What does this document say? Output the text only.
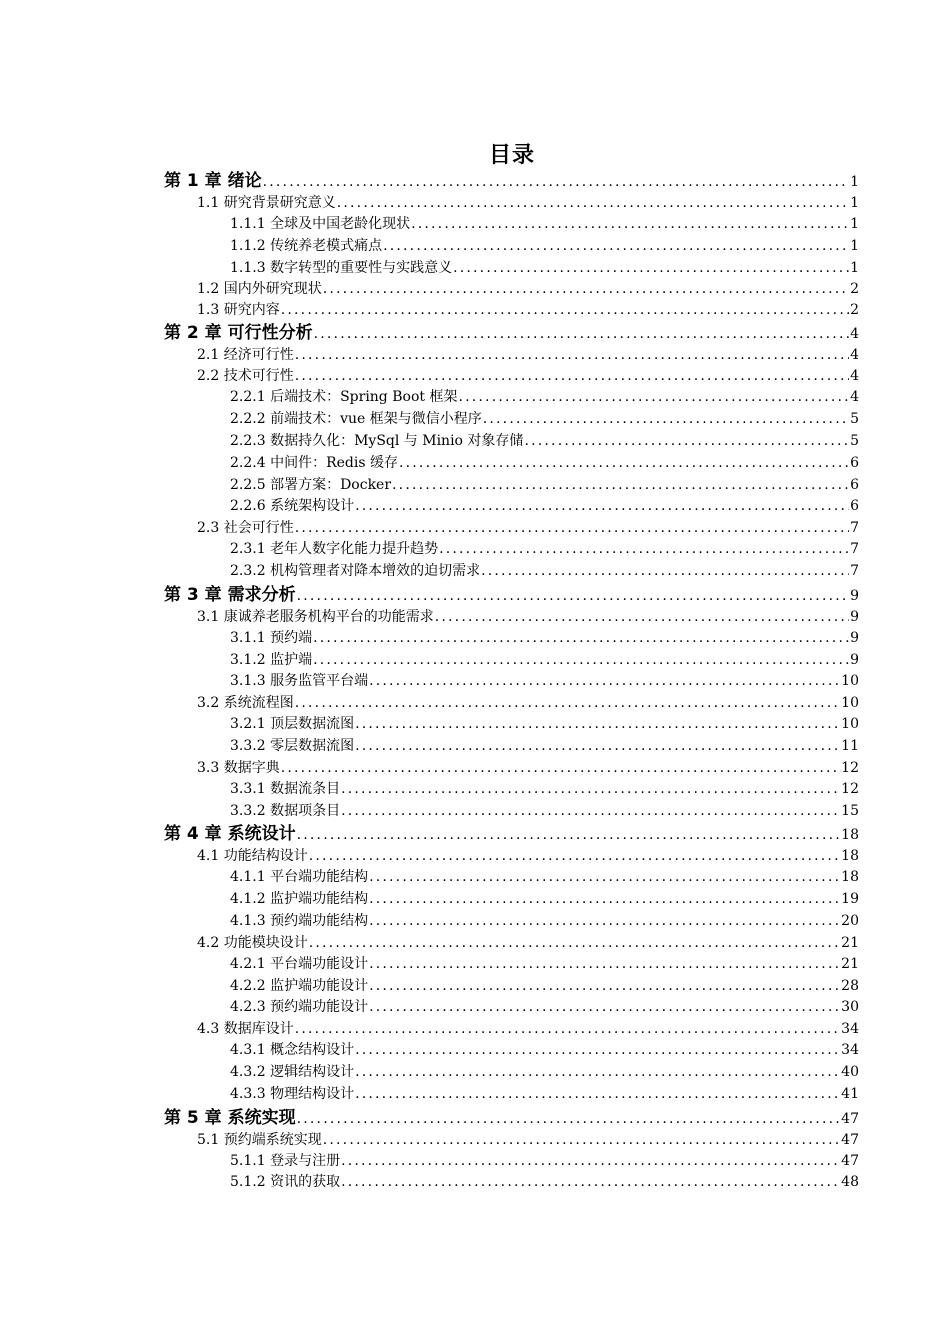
目录
第 1 章 绪论 .....	1
1.1 研究背景研究意义 .....	1
1.1.1 全球及中国老龄化现状 .....	1
1.1.2 传统养老模式痛点 .....	1
1.1.3 数字转型的重要性与实践意义 .....	1
1.2 国内外研究现状 .....	2
1.3 研究内容 .....	2
第 2 章 可行性分析 .....	4
2.1 经济可行性 .....	4
2.2 技术可行性 .....	4
2.2.1 后端技术：Spring Boot 框架 .....	4
2.2.2 前端技术：vue 框架与微信小程序 .....	5
2.2.3 数据持久化：MySql 与 Minio 对象存储 .....	5
2.2.4 中间件：Redis 缓存 .....	6
2.2.5 部署方案：Docker .....	6
2.2.6 系统架构设计 .....	6
2.3 社会可行性 .....	7
2.3.1 老年人数字化能力提升趋势 .....	7
2.3.2 机构管理者对降本增效的迫切需求 .....	7
第 3 章 需求分析 .....	9
3.1 康诚养老服务机构平台的功能需求 .....	9
3.1.1 预约端 .....	9
3.1.2 监护端 .....	9
3.1.3 服务监管平台端 .....	10
3.2 系统流程图 .....	10
3.2.1 顶层数据流图 .....	10
3.3.2 零层数据流图 .....	11
3.3 数据字典 .....	12
3.3.1 数据流条目 .....	12
3.3.2 数据项条目 .....	15
第 4 章 系统设计 .....	18
4.1 功能结构设计 .....	18
4.1.1 平台端功能结构 .....	18
4.1.2 监护端功能结构 .....	19
4.1.3 预约端功能结构 .....	20
4.2 功能模块设计 .....	21
4.2.1 平台端功能设计 .....	21
4.2.2 监护端功能设计 .....	28
4.2.3 预约端功能设计 .....	30
4.3 数据库设计 .....	34
4.3.1 概念结构设计 .....	34
4.3.2 逻辑结构设计 .....	40
4.3.3 物理结构设计 .....	41
第 5 章 系统实现 .....	47
5.1 预约端系统实现 .....	47
5.1.1 登录与注册 .....	47
5.1.2 资讯的获取 .....	48
